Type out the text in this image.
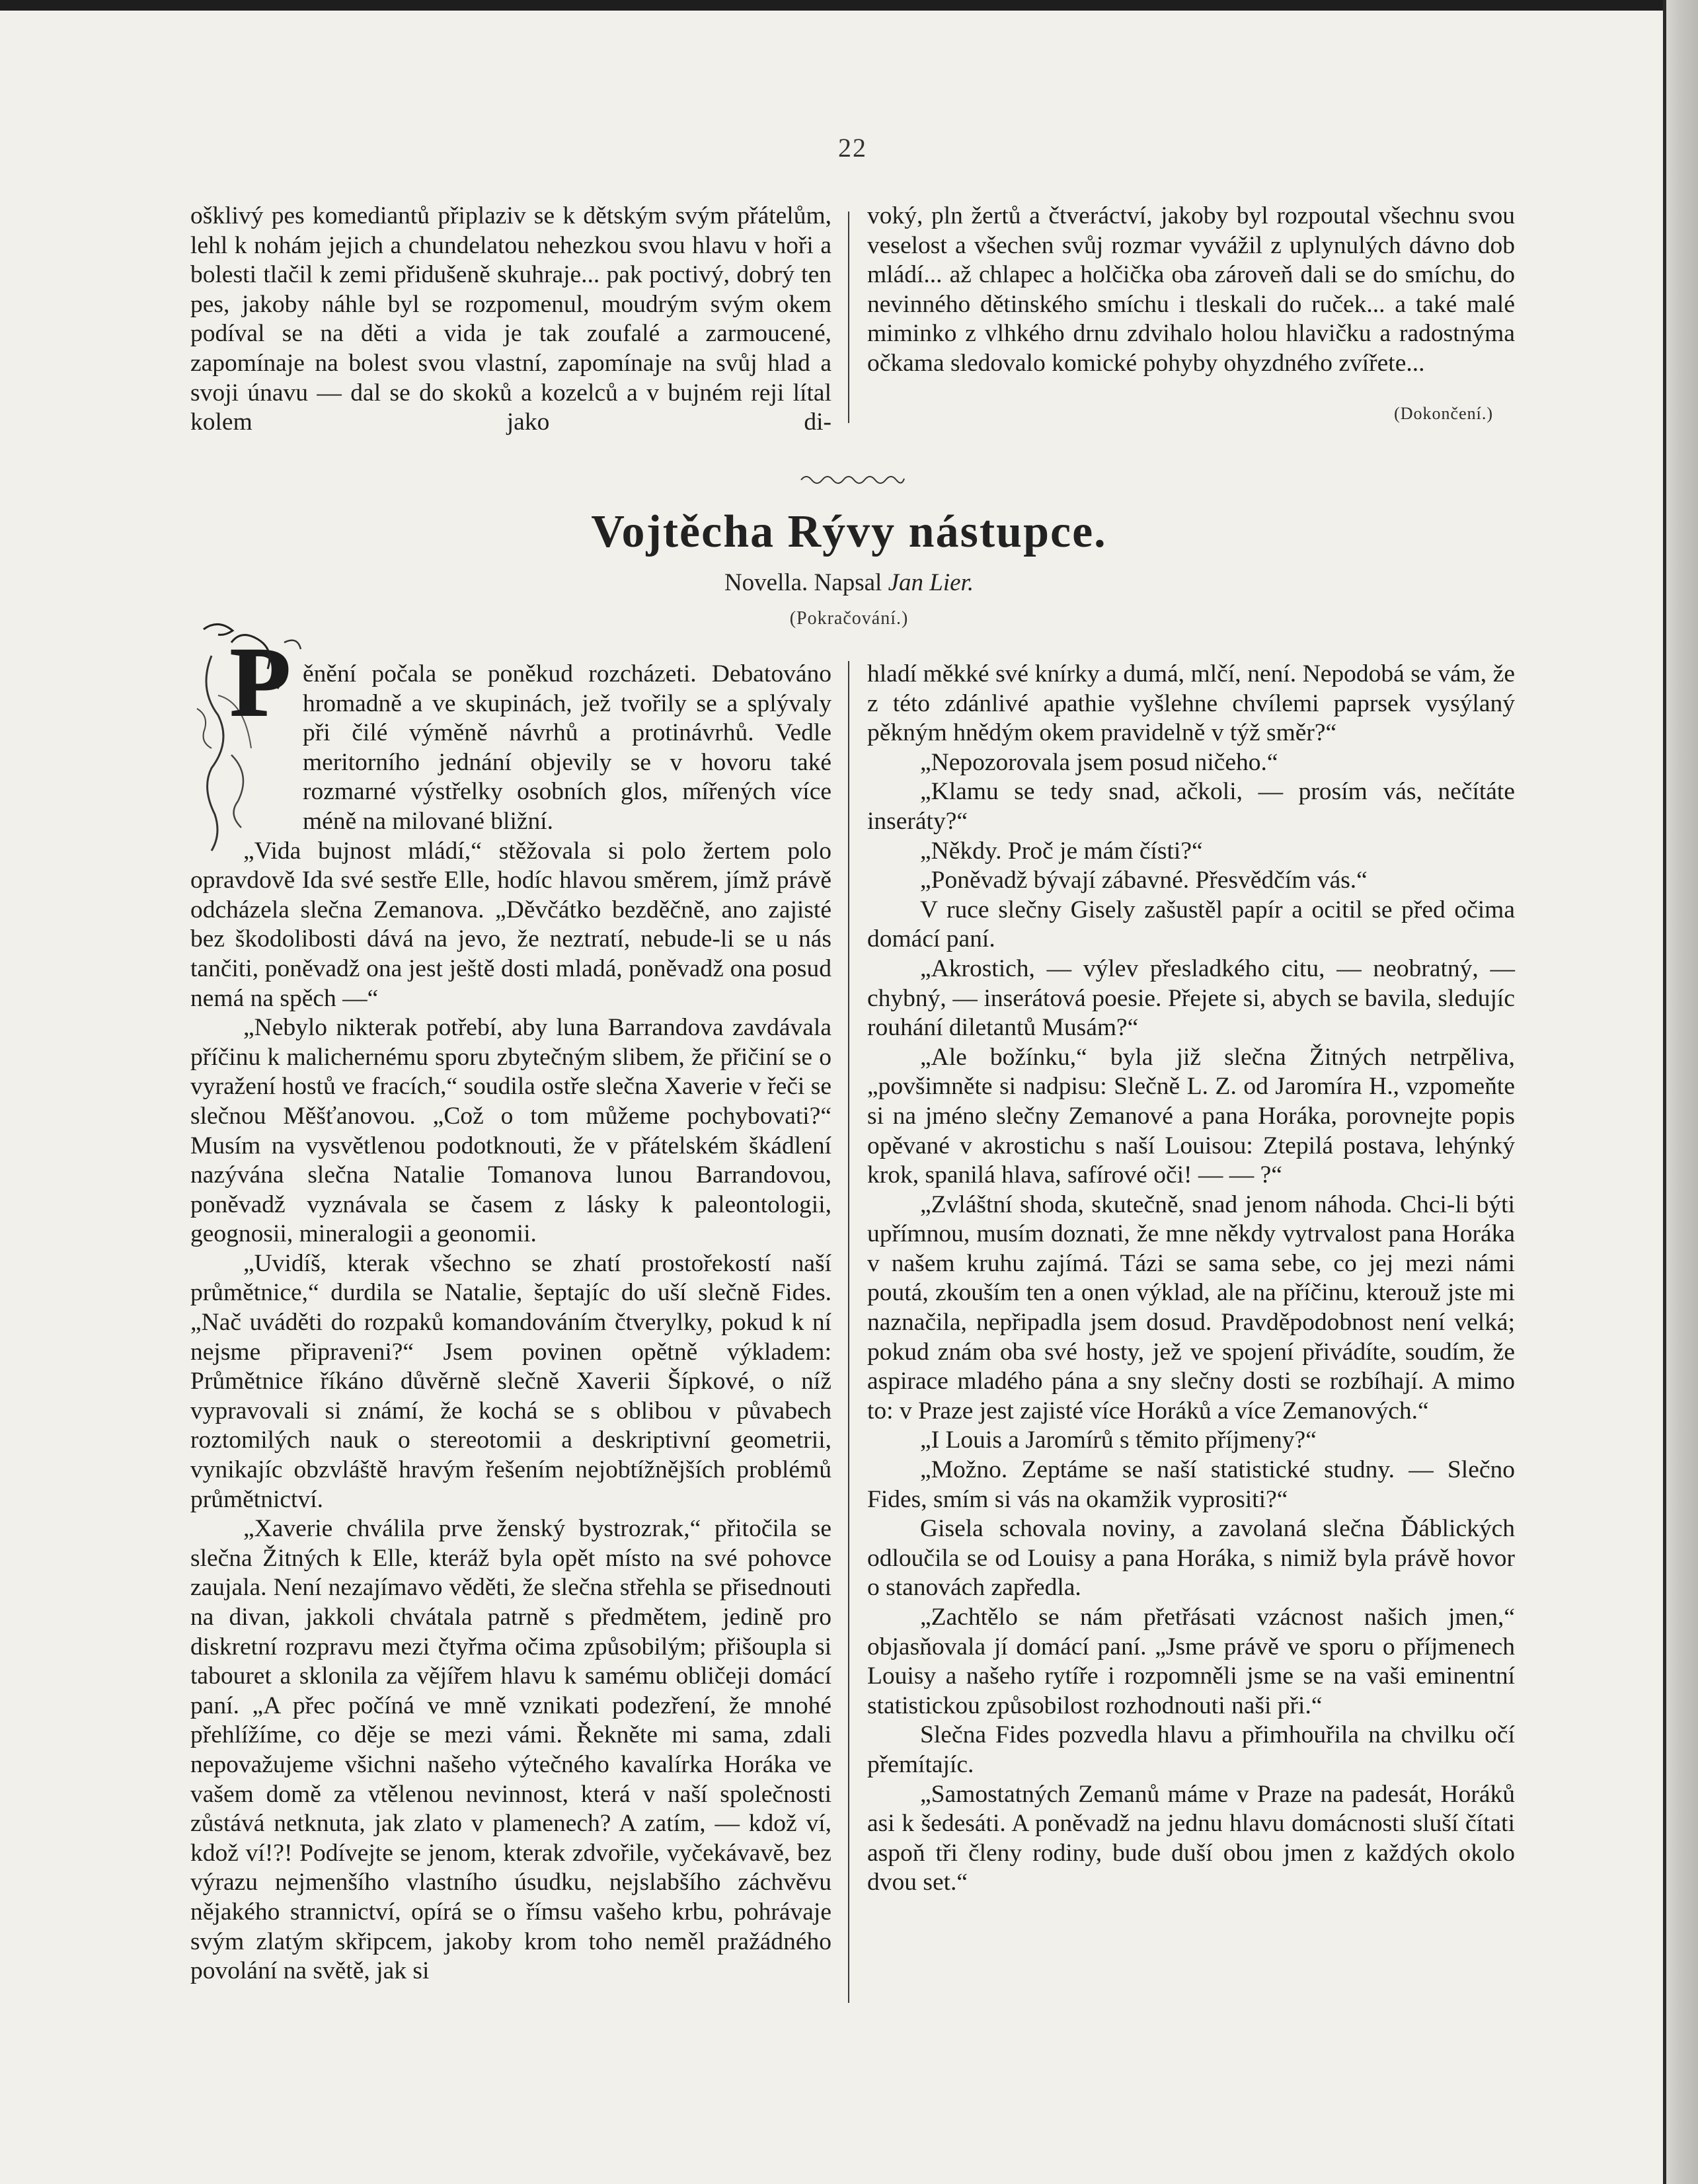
22

ošklivý pes komediantů připlaziv se k dětským svým přátelům, lehl k nohám jejich a chundelatou nehezkou svou hlavu v hoři a bolesti tlačil k zemi přidušeně skuhraje... pak poctivý, dobrý ten pes, jakoby náhle byl se rozpomenul, moudrým svým okem podíval se na děti a vida je tak zoufalé a zarmoucené, zapomínaje na bolest svou vlastní, zapomínaje na svůj hlad a svoji únavu — dal se do skoků a kozelců a v bujném reji lítal kolem jako di-

voký, pln žertů a čtveráctví, jakoby byl rozpoutal všechnu svou veselost a všechen svůj rozmar vyvážil z uplynulých dávno dob mládí... až chlapec a holčička oba zároveň dali se do smíchu, do nevinného dětinského smíchu i tleskali do ruček... a také malé miminko z vlhkého drnu zdvihalo holou hlavičku a radostnýma očkama sledovalo komické pohyby ohyzdného zvířete...

(Dokončení.)
Vojtěcha Rývy nástupce.
Novella. Napsal Jan Lier.
(Pokračování.)
P ěnění počala se poněkud rozcházeti. Debatováno hromadně a ve skupinách, jež tvořily se a splývaly při čilé výměně návrhů a protinávrhů. Vedle meritorního jednání objevily se v hovoru také rozmarné výstřelky osobních glos, mířených více méně na milované bližní.

„Vida bujnost mládí,“ stěžovala si polo žertem polo opravdově Ida své sestře Elle, hodíc hlavou směrem, jímž právě odcházela slečna Zemanova. „Děvčátko bezděčně, ano zajisté bez škodolibosti dává na jevo, že neztratí, nebude-li se u nás tančiti, poněvadž ona jest ještě dosti mladá, poněvadž ona posud nemá na spěch —“

„Nebylo nikterak potřebí, aby luna Barrandova zavdávala příčinu k malichernému sporu zbytečným slibem, že přičiní se o vyražení hostů ve fracích,“ soudila ostře slečna Xaverie v řeči se slečnou Měšťanovou. „Což o tom můžeme pochybovati?“ Musím na vysvětlenou podotknouti, že v přátelském škádlení nazývána slečna Natalie Tomanova lunou Barrandovou, poněvadž vyznávala se časem z lásky k paleontologii, geognosii, mineralogii a geonomii.

„Uvidíš, kterak všechno se zhatí prostořekostí naší průmětnice,“ durdila se Natalie, šeptajíc do uší slečně Fides. „Nač uváděti do rozpaků komandováním čtverylky, pokud k ní nejsme připraveni?“ Jsem povinen opětně výkladem: Průmětnice říkáno důvěrně slečně Xaverii Šípkové, o níž vypravovali si známí, že kochá se s oblibou v půvabech roztomilých nauk o stereotomii a deskriptivní geometrii, vynikajíc obzvláště hravým řešením nejobtížnějších problémů průmětnictví.

„Xaverie chválila prve ženský bystrozrak,“ přitočila se slečna Žitných k Elle, kteráž byla opět místo na své pohovce zaujala. Není nezajímavo věděti, že slečna střehla se přisednouti na divan, jakkoli chvátala patrně s předmětem, jedině pro diskretní rozpravu mezi čtyřma očima způsobilým; přišoupla si tabouret a sklonila za vějířem hlavu k samému obličeji domácí paní. „A přec počíná ve mně vznikati podezření, že mnohé přehlížíme, co děje se mezi vámi. Řekněte mi sama, zdali nepovažujeme všichni našeho výtečného kavalírka Horáka ve vašem domě za vtělenou nevinnost, která v naší společnosti zůstává netknuta, jak zlato v plamenech? A zatím, — kdož ví, kdož ví!?! Podívejte se jenom, kterak zdvořile, vyčekávavě, bez výrazu nejmenšího vlastního úsudku, nejslabšího záchvěvu nějakého strannictví, opírá se o římsu vašeho krbu, pohrávaje svým zlatým skřipcem, jakoby krom toho neměl pražádného povolání na světě, jak si

hladí měkké své knírky a dumá, mlčí, není. Nepodobá se vám, že z této zdánlivé apathie vyšlehne chvílemi paprsek vysýlaný pěkným hnědým okem pravidelně v týž směr?“

„Nepozorovala jsem posud ničeho.“

„Klamu se tedy snad, ačkoli, — prosím vás, nečítáte inseráty?“

„Někdy. Proč je mám čísti?“

„Poněvadž bývají zábavné. Přesvědčím vás.“

V ruce slečny Gisely zašustěl papír a ocitil se před očima domácí paní.

„Akrostich, — výlev přesladkého citu, — neobratný, — chybný, — inserátová poesie. Přejete si, abych se bavila, sledujíc rouhání diletantů Musám?“

„Ale božínku,“ byla již slečna Žitných netrpěliva, „povšimněte si nadpisu: Slečně L. Z. od Jaromíra H., vzpomeňte si na jméno slečny Zemanové a pana Horáka, porovnejte popis opěvané v akrostichu s naší Louisou: Ztepilá postava, lehýnký krok, spanilá hlava, safírové oči! — — ?“

„Zvláštní shoda, skutečně, snad jenom náhoda. Chci-li býti upřímnou, musím doznati, že mne někdy vytrvalost pana Horáka v našem kruhu zajímá. Tázi se sama sebe, co jej mezi námi poutá, zkouším ten a onen výklad, ale na příčinu, kterouž jste mi naznačila, nepřipadla jsem dosud. Pravděpodobnost není velká; pokud znám oba své hosty, jež ve spojení přivádíte, soudím, že aspirace mladého pána a sny slečny dosti se rozbíhají. A mimo to: v Praze jest zajisté více Horáků a více Zemanových.“

„I Louis a Jaromírů s těmito příjmeny?“

„Možno. Zeptáme se naší statistické studny. — Slečno Fides, smím si vás na okamžik vyprositi?“

Gisela schovala noviny, a zavolaná slečna Ďáblických odloučila se od Louisy a pana Horáka, s nimiž byla právě hovor o stanovách zapředla.

„Zachtělo se nám přetřásati vzácnost našich jmen,“ objasňovala jí domácí paní. „Jsme právě ve sporu o příjmenech Louisy a našeho rytíře i rozpomněli jsme se na vaši eminentní statistickou způsobilost rozhodnouti naši při.“

Slečna Fides pozvedla hlavu a přimhouřila na chvilku očí přemítajíc.

„Samostatných Zemanů máme v Praze na padesát, Horáků asi k šedesáti. A poněvadž na jednu hlavu domácnosti sluší čítati aspoň tři členy rodiny, bude duší obou jmen z každých okolo dvou set.“
